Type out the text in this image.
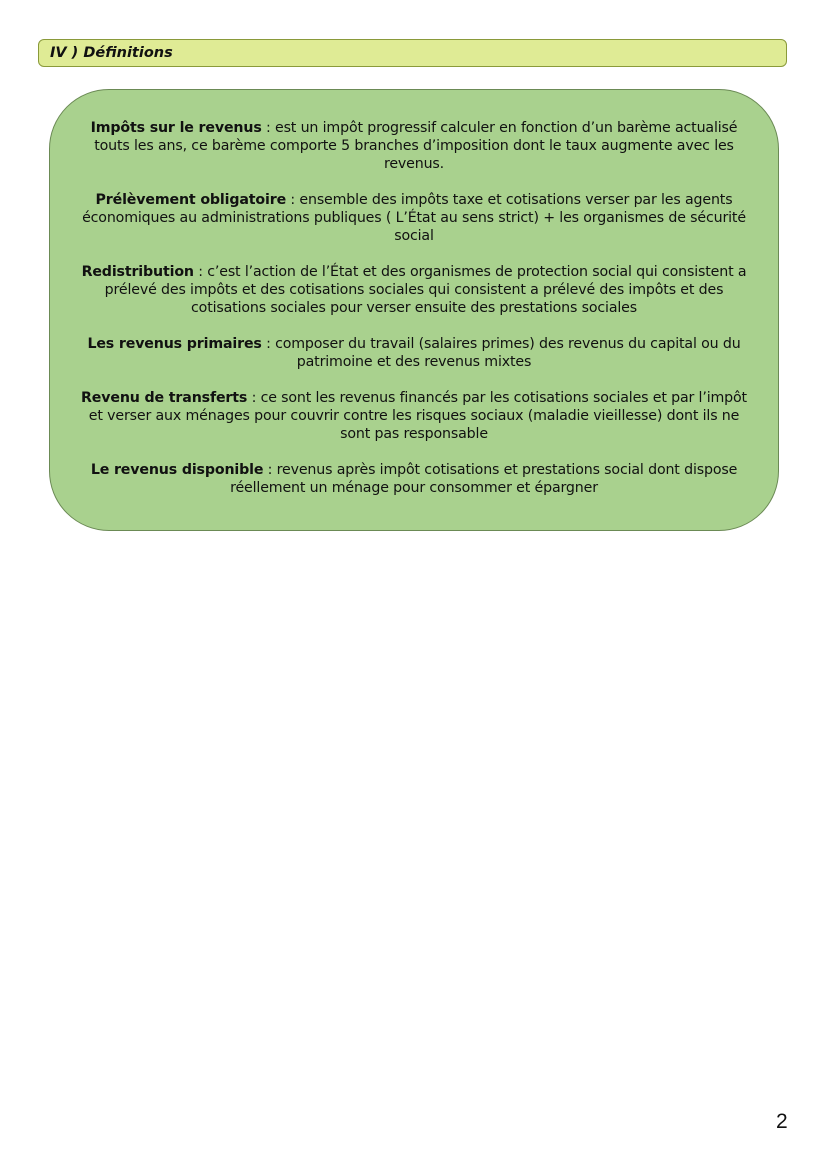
IV ) Définitions

Impôts sur le revenus : est un impôt progressif calculer en fonction d’un barème actualisé touts les ans, ce barème comporte 5 branches d’imposition dont le taux augmente avec les revenus.

Prélèvement obligatoire : ensemble des impôts taxe et cotisations verser par les agents économiques au administrations publiques ( L’État au sens strict) + les organismes de sécurité social

Redistribution : c’est l’action de l’État et des organismes de protection social qui consistent a prélevé des impôts et des cotisations sociales qui consistent a prélevé des impôts et des cotisations sociales pour verser ensuite des prestations sociales

Les revenus primaires : composer du travail (salaires primes) des revenus du capital ou du patrimoine et des revenus mixtes

Revenu de transferts : ce sont les revenus financés par les cotisations sociales et par l’impôt et verser aux ménages pour couvrir contre les risques sociaux (maladie vieillesse) dont ils ne sont pas responsable

Le revenus disponible : revenus après impôt cotisations et prestations social dont dispose réellement un ménage pour consommer et épargner

2
